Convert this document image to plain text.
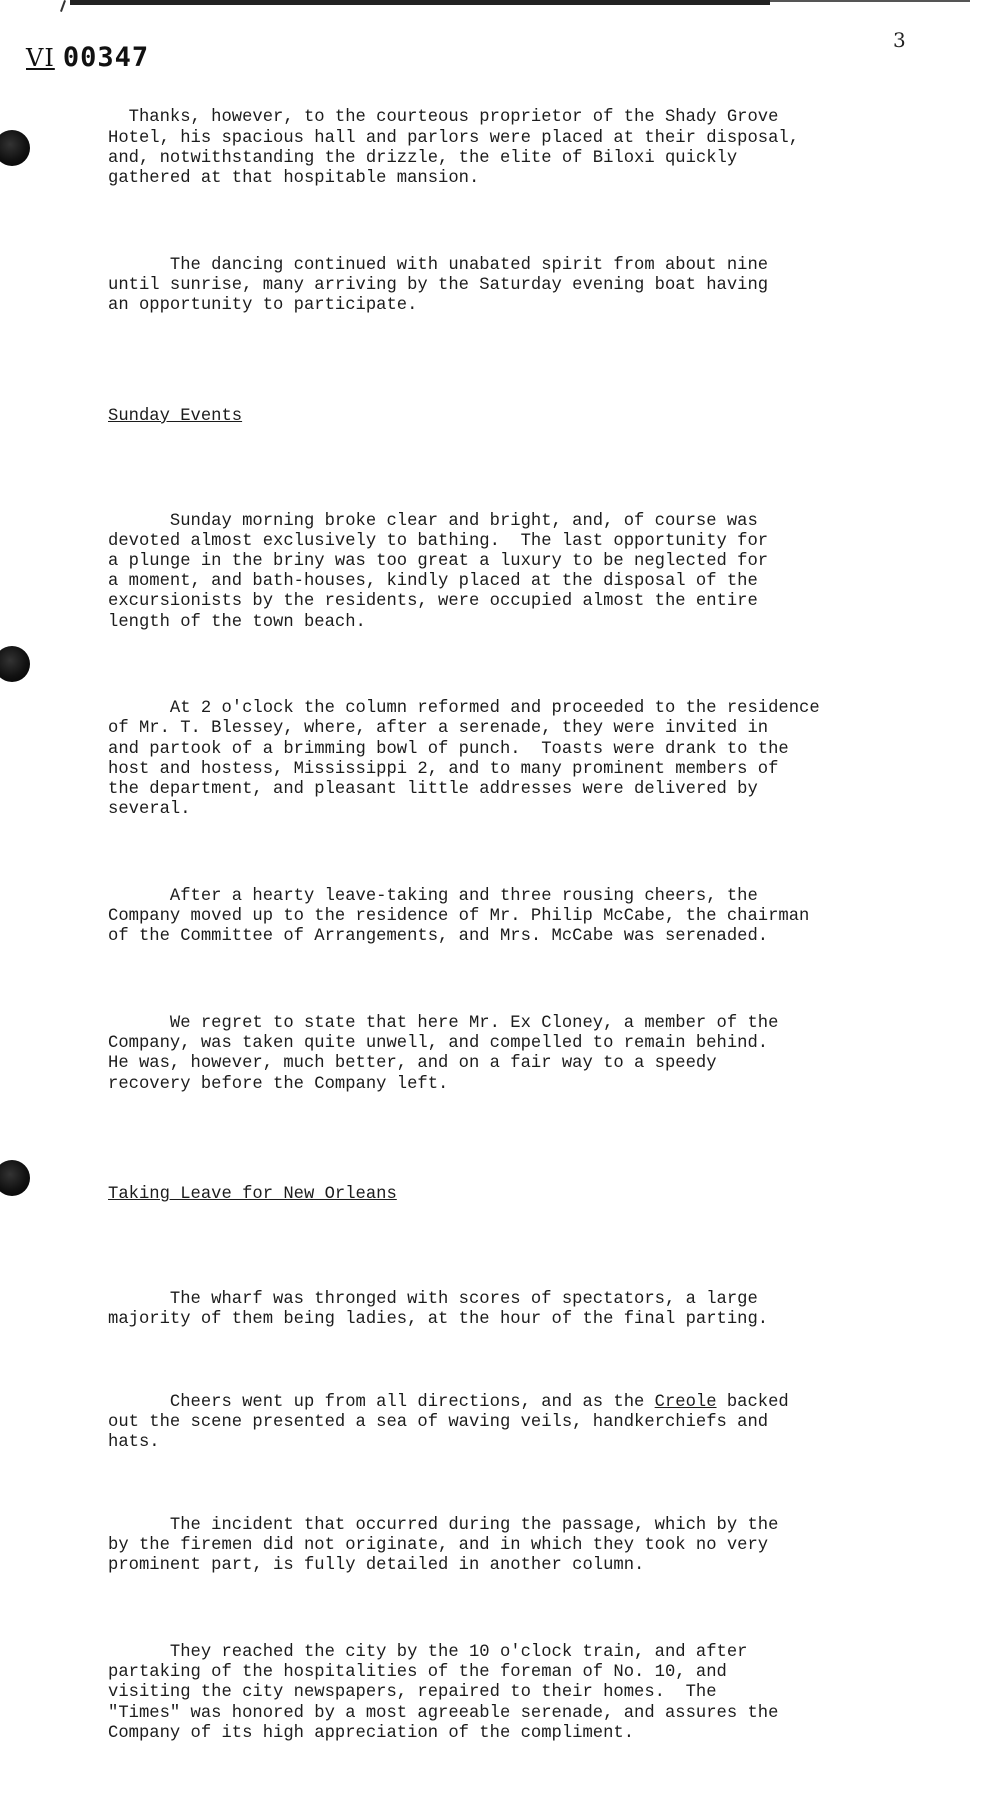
VI 00347
3

Thanks, however, to the courteous proprietor of the Shady Grove
Hotel, his spacious hall and parlors were placed at their disposal,
and, notwithstanding the drizzle, the elite of Biloxi quickly
gathered at that hospitable mansion.

The dancing continued with unabated spirit from about nine
until sunrise, many arriving by the Saturday evening boat having
an opportunity to participate.

Sunday Events

Sunday morning broke clear and bright, and, of course was
devoted almost exclusively to bathing.  The last opportunity for
a plunge in the briny was too great a luxury to be neglected for
a moment, and bath-houses, kindly placed at the disposal of the
excursionists by the residents, were occupied almost the entire
length of the town beach.

At 2 o'clock the column reformed and proceeded to the residence
of Mr. T. Blessey, where, after a serenade, they were invited in
and partook of a brimming bowl of punch.  Toasts were drank to the
host and hostess, Mississippi 2, and to many prominent members of
the department, and pleasant little addresses were delivered by
several.

After a hearty leave-taking and three rousing cheers, the
Company moved up to the residence of Mr. Philip McCabe, the chairman
of the Committee of Arrangements, and Mrs. McCabe was serenaded.

We regret to state that here Mr. Ex Cloney, a member of the
Company, was taken quite unwell, and compelled to remain behind.
He was, however, much better, and on a fair way to a speedy
recovery before the Company left.

Taking Leave for New Orleans

The wharf was thronged with scores of spectators, a large
majority of them being ladies, at the hour of the final parting.

Cheers went up from all directions, and as the Creole backed
out the scene presented a sea of waving veils, handkerchiefs and
hats.

The incident that occurred during the passage, which by the
by the firemen did not originate, and in which they took no very
prominent part, is fully detailed in another column.

They reached the city by the 10 o'clock train, and after
partaking of the hospitalities of the foreman of No. 10, and
visiting the city newspapers, repaired to their homes.  The
"Times" was honored by a most agreeable serenade, and assures the
Company of its high appreciation of the compliment.
